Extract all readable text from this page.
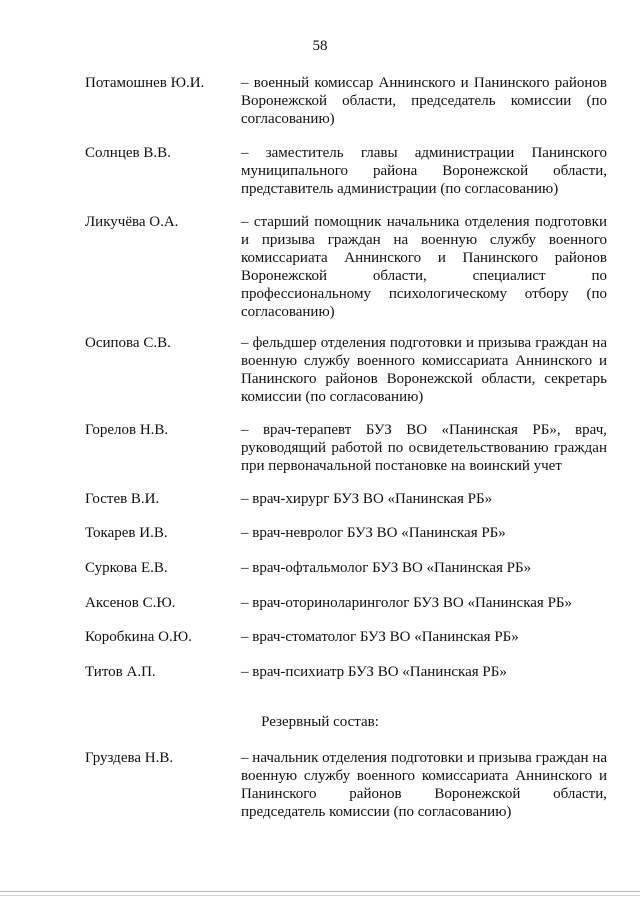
58
Потамошнев Ю.И. – военный комиссар Аннинского и Панинского районов Воронежской области, председатель комиссии (по согласованию)
Солнцев В.В.	– заместитель главы администрации Панинского муниципального района Воронежской области, представитель администрации (по согласованию)
Ликучёва О.А.	– старший помощник начальника отделения подготовки и призыва граждан на военную службу военного комиссариата Аннинского и Панинского районов Воронежской области, специалист по профессиональному психологическому отбору (по согласованию)
Осипова С.В.	– фельдшер отделения подготовки и призыва граждан на военную службу военного комиссариата Аннинского и Панинского районов Воронежской области, секретарь комиссии (по согласованию)
Горелов Н.В.	– врач-терапевт БУЗ ВО «Панинская РБ», врач, руководящий работой по освидетельствованию граждан при первоначальной постановке на воинский учет
Гостев В.И.	– врач-хирург БУЗ ВО «Панинская РБ»
Токарев И.В.	– врач-невролог БУЗ ВО «Панинская РБ»
Суркова Е.В.	– врач-офтальмолог БУЗ ВО «Панинская РБ»
Аксенов С.Ю.	– врач-оториноларинголог БУЗ ВО «Панинская РБ»
Коробкина О.Ю.	– врач-стоматолог БУЗ ВО «Панинская РБ»
Титов А.П.	– врач-психиатр БУЗ ВО «Панинская РБ»
Резервный состав:
Груздева Н.В.	– начальник отделения подготовки и призыва граждан на военную службу военного комиссариата Аннинского и Панинского районов Воронежской области, председатель комиссии (по согласованию)
